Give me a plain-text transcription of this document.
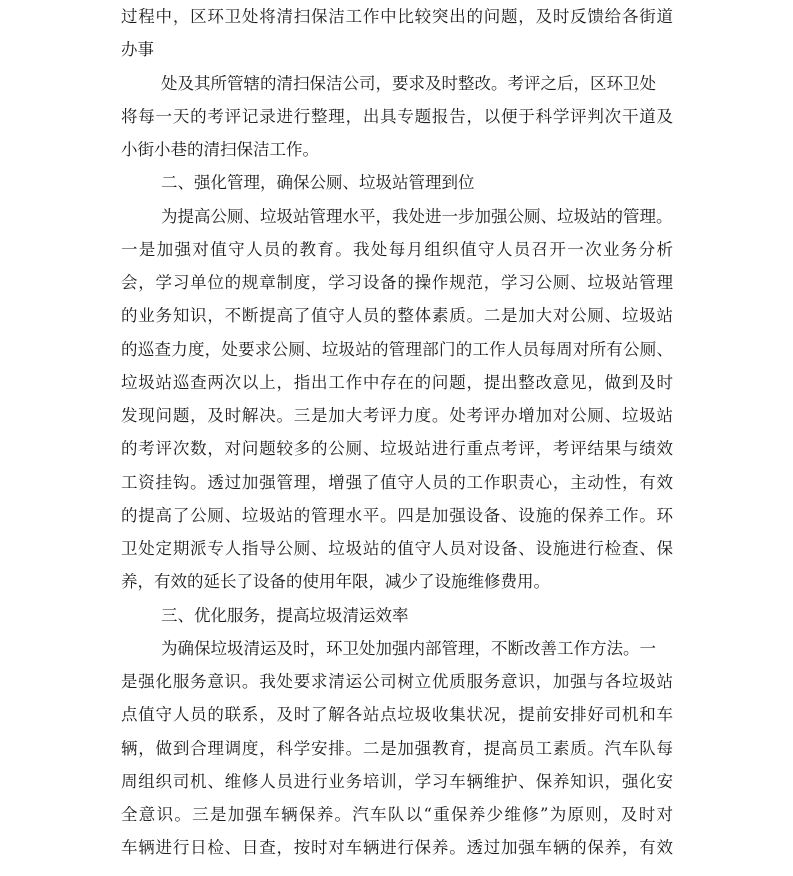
过程中，区环卫处将清扫保洁工作中比较突出的问题，及时反馈给各街道
办事
处及其所管辖的清扫保洁公司，要求及时整改。考评之后，区环卫处
将每一天的考评记录进行整理，出具专题报告，以便于科学评判次干道及
小街小巷的清扫保洁工作。
二、强化管理，确保公厕、垃圾站管理到位
为提高公厕、垃圾站管理水平，我处进一步加强公厕、垃圾站的管理。
一是加强对值守人员的教育。我处每月组织值守人员召开一次业务分析
会，学习单位的规章制度，学习设备的操作规范，学习公厕、垃圾站管理
的业务知识，不断提高了值守人员的整体素质。二是加大对公厕、垃圾站
的巡查力度，处要求公厕、垃圾站的管理部门的工作人员每周对所有公厕、
垃圾站巡查两次以上，指出工作中存在的问题，提出整改意见，做到及时
发现问题，及时解决。三是加大考评力度。处考评办增加对公厕、垃圾站
的考评次数，对问题较多的公厕、垃圾站进行重点考评，考评结果与绩效
工资挂钩。透过加强管理，增强了值守人员的工作职责心，主动性，有效
的提高了公厕、垃圾站的管理水平。四是加强设备、设施的保养工作。环
卫处定期派专人指导公厕、垃圾站的值守人员对设备、设施进行检查、保
养，有效的延长了设备的使用年限，减少了设施维修费用。
三、优化服务，提高垃圾清运效率
为确保垃圾清运及时，环卫处加强内部管理，不断改善工作方法。一
是强化服务意识。我处要求清运公司树立优质服务意识，加强与各垃圾站
点值守人员的联系，及时了解各站点垃圾收集状况，提前安排好司机和车
辆，做到合理调度，科学安排。二是加强教育，提高员工素质。汽车队每
周组织司机、维修人员进行业务培训，学习车辆维护、保养知识，强化安
全意识。三是加强车辆保养。汽车队以“重保养少维修”为原则，及时对
车辆进行日检、日查，按时对车辆进行保养。透过加强车辆的保养，有效
